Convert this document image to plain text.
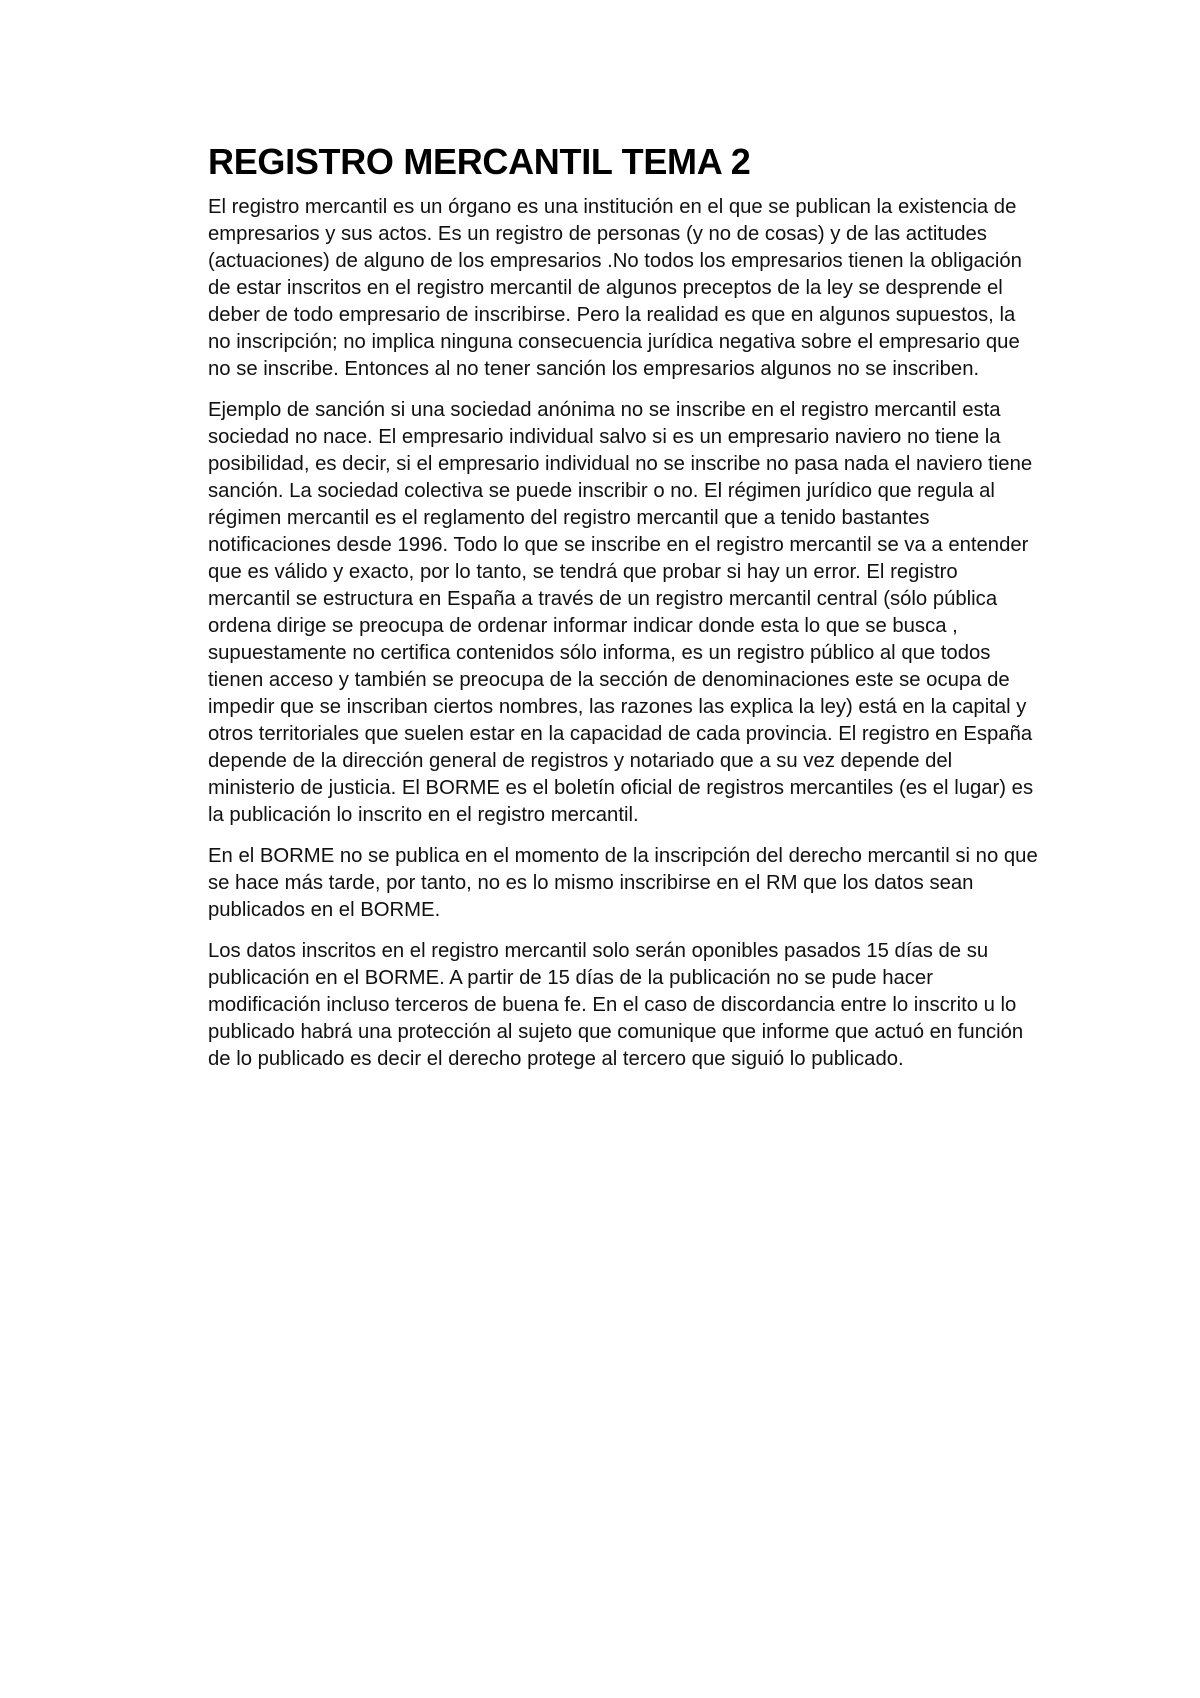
REGISTRO MERCANTIL TEMA 2

El registro mercantil es un órgano es una institución en el que se publican la existencia de empresarios y sus actos. Es un registro de personas (y no de cosas) y de las actitudes (actuaciones) de alguno de los empresarios .No todos los empresarios tienen la obligación de estar inscritos en el registro mercantil de algunos preceptos de la ley se desprende el deber de todo empresario de inscribirse. Pero la realidad es que en algunos supuestos, la no inscripción; no implica ninguna consecuencia jurídica negativa sobre el empresario que no se inscribe. Entonces al no tener sanción los empresarios algunos no se inscriben.

Ejemplo de sanción si una sociedad anónima no se inscribe en el registro mercantil esta sociedad no nace. El empresario individual salvo si es un empresario naviero no tiene la posibilidad, es decir, si el empresario individual no se inscribe no pasa nada el naviero tiene sanción. La sociedad colectiva se puede inscribir o no. El régimen jurídico que regula al régimen mercantil es el reglamento del registro mercantil que a tenido bastantes notificaciones desde 1996. Todo lo que se inscribe en el registro mercantil se va a entender que es válido y exacto, por lo tanto, se tendrá que probar si hay un error. El registro mercantil se estructura en España a través de un registro mercantil central (sólo pública ordena dirige se preocupa de ordenar informar indicar donde esta lo que se busca , supuestamente no certifica contenidos sólo informa, es un registro público al que todos tienen acceso y también se preocupa de la sección de denominaciones este se ocupa de impedir que se inscriban ciertos nombres, las razones las explica la ley) está en la capital y otros territoriales que suelen estar en la capacidad de cada provincia. El registro en España depende de la dirección general de registros y notariado que a su vez depende del ministerio de justicia. El BORME es el boletín oficial de registros mercantiles (es el lugar) es la publicación lo inscrito en el registro mercantil.

En el BORME no se publica en el momento de la inscripción del derecho mercantil si no que se hace más tarde, por tanto, no es lo mismo inscribirse en el RM que los datos sean publicados en el BORME.

Los datos inscritos en el registro mercantil solo serán oponibles pasados 15 días de su publicación en el BORME. A partir de 15 días de la publicación no se pude hacer modificación incluso terceros de buena fe. En el caso de discordancia entre lo inscrito u lo publicado habrá una protección al sujeto que comunique que informe que actuó en función de lo publicado es decir el derecho protege al tercero que siguió lo publicado.
